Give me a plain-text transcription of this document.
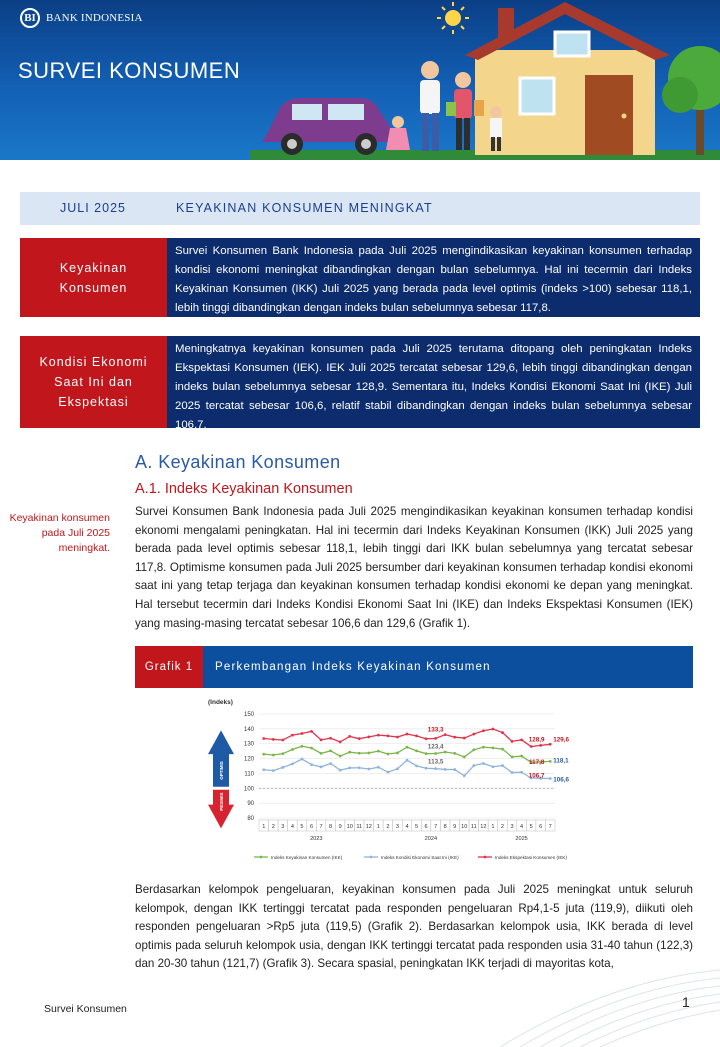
BI BANK INDONESIA
SURVEI KONSUMEN
JULI 2025	KEYAKINAN KONSUMEN MENINGKAT
Keyakinan Konsumen
Survei Konsumen Bank Indonesia pada Juli 2025 mengindikasikan keyakinan konsumen terhadap kondisi ekonomi meningkat dibandingkan dengan bulan sebelumnya. Hal ini tecermin dari Indeks Keyakinan Konsumen (IKK) Juli 2025 yang berada pada level optimis (indeks >100) sebesar 118,1, lebih tinggi dibandingkan dengan indeks bulan sebelumnya sebesar 117,8.
Kondisi Ekonomi Saat Ini dan Ekspektasi
Meningkatnya keyakinan konsumen pada Juli 2025 terutama ditopang oleh peningkatan Indeks Ekspektasi Konsumen (IEK). IEK Juli 2025 tercatat sebesar 129,6, lebih tinggi dibandingkan dengan indeks bulan sebelumnya sebesar 128,9. Sementara itu, Indeks Kondisi Ekonomi Saat Ini (IKE) Juli 2025 tercatat sebesar 106,6, relatif stabil dibandingkan dengan indeks bulan sebelumnya sebesar 106,7.
A. Keyakinan Konsumen
A.1. Indeks Keyakinan Konsumen
Keyakinan konsumen pada Juli 2025 meningkat.
Survei Konsumen Bank Indonesia pada Juli 2025 mengindikasikan keyakinan konsumen terhadap kondisi ekonomi mengalami peningkatan. Hal ini tecermin dari Indeks Keyakinan Konsumen (IKK) Juli 2025 yang berada pada level optimis sebesar 118,1, lebih tinggi dari IKK bulan sebelumnya yang tercatat sebesar 117,8. Optimisme konsumen pada Juli 2025 bersumber dari keyakinan konsumen terhadap kondisi ekonomi saat ini yang tetap terjaga dan keyakinan konsumen terhadap kondisi ekonomi ke depan yang meningkat. Hal tersebut tecermin dari Indeks Kondisi Ekonomi Saat Ini (IKE) dan Indeks Ekspektasi Konsumen (IEK) yang masing-masing tercatat sebesar 106,6 dan 129,6 (Grafik 1).
Grafik 1	Perkembangan Indeks Keyakinan Konsumen
(Indeks)
80
90
100
110
120
130
140
150
OPTIMIS
PESIMIS
1 2 3 4 5 6 7 8 9 10 11 12 1 2 3 4 5 6 7 8 9 10 11 12 1 2 3 4 5 6 7
2023	2024	2025
133,3
123,4
113,5
128,9 129,6
117,8 118,1
106,7
106,6
Indeks Keyakinan Konsumen (IKK)	Indeks Kondisi Ekonomi Saat Ini (IKE)	Indeks Ekspektasi Konsumen (IEK)
Berdasarkan kelompok pengeluaran, keyakinan konsumen pada Juli 2025 meningkat untuk seluruh kelompok, dengan IKK tertinggi tercatat pada responden pengeluaran Rp4,1-5 juta (119,9), diikuti oleh responden pengeluaran >Rp5 juta (119,5) (Grafik 2). Berdasarkan kelompok usia, IKK berada di level optimis pada seluruh kelompok usia, dengan IKK tertinggi tercatat pada responden usia 31-40 tahun (122,3) dan 20-30 tahun (121,7) (Grafik 3). Secara spasial, peningkatan IKK terjadi di mayoritas kota,
Survei Konsumen	1
